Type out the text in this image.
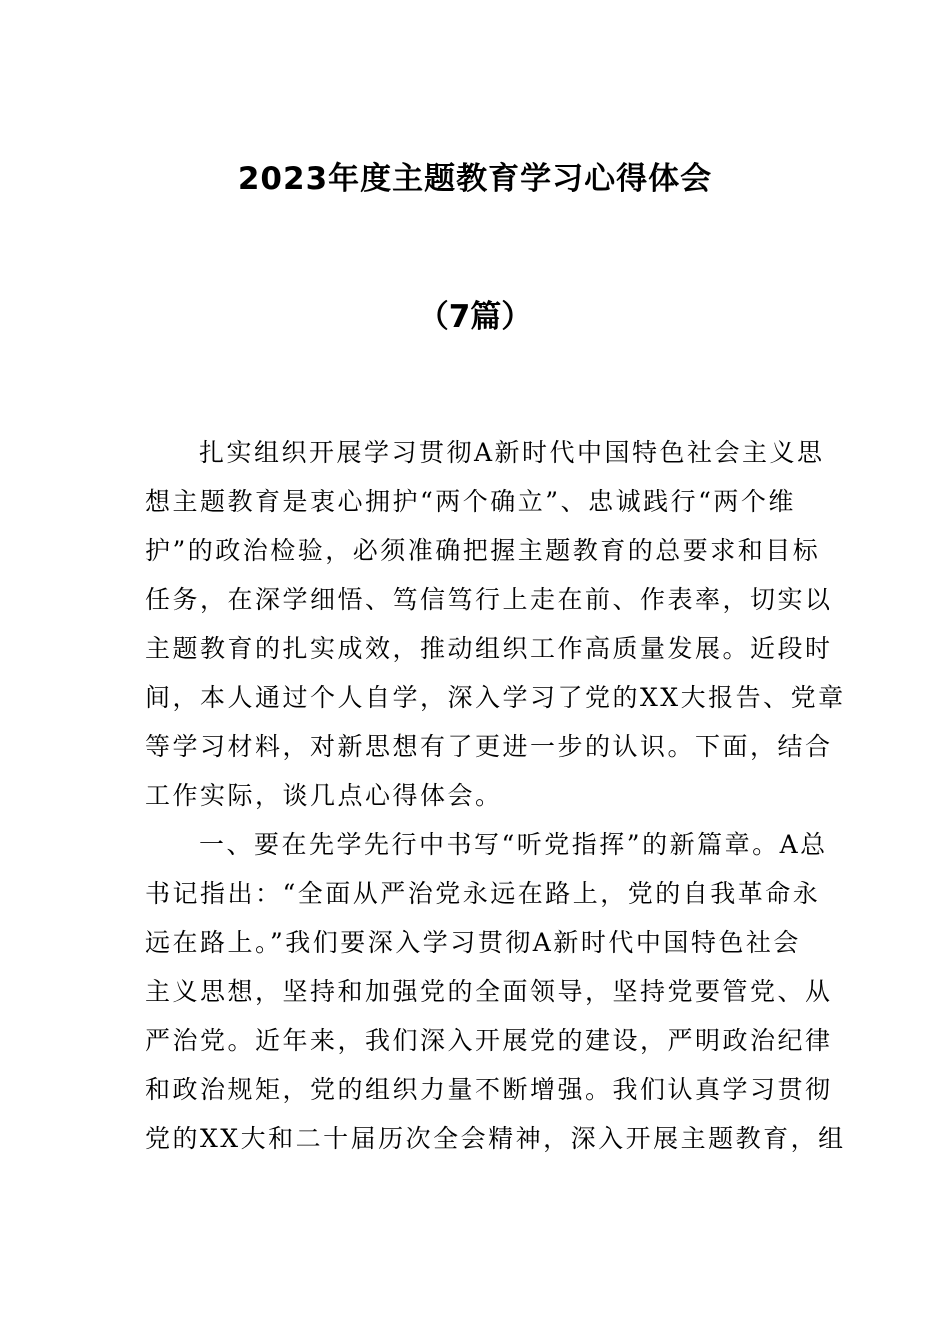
2023年度主题教育学习心得体会
（7篇）
扎实组织开展学习贯彻A新时代中国特色社会主义思
想主题教育是衷心拥护“两个确立”、忠诚践行“两个维
护”的政治检验，必须准确把握主题教育的总要求和目标
任务，在深学细悟、笃信笃行上走在前、作表率，切实以
主题教育的扎实成效，推动组织工作高质量发展。近段时
间，本人通过个人自学，深入学习了党的XX大报告、党章
等学习材料，对新思想有了更进一步的认识。下面，结合
工作实际，谈几点心得体会。
一、要在先学先行中书写“听党指挥”的新篇章。A总
书记指出：“全面从严治党永远在路上，党的自我革命永
远在路上。”我们要深入学习贯彻A新时代中国特色社会
主义思想，坚持和加强党的全面领导，坚持党要管党、从
严治党。近年来，我们深入开展党的建设，严明政治纪律
和政治规矩，党的组织力量不断增强。我们认真学习贯彻
党的XX大和二十届历次全会精神，深入开展主题教育，组
